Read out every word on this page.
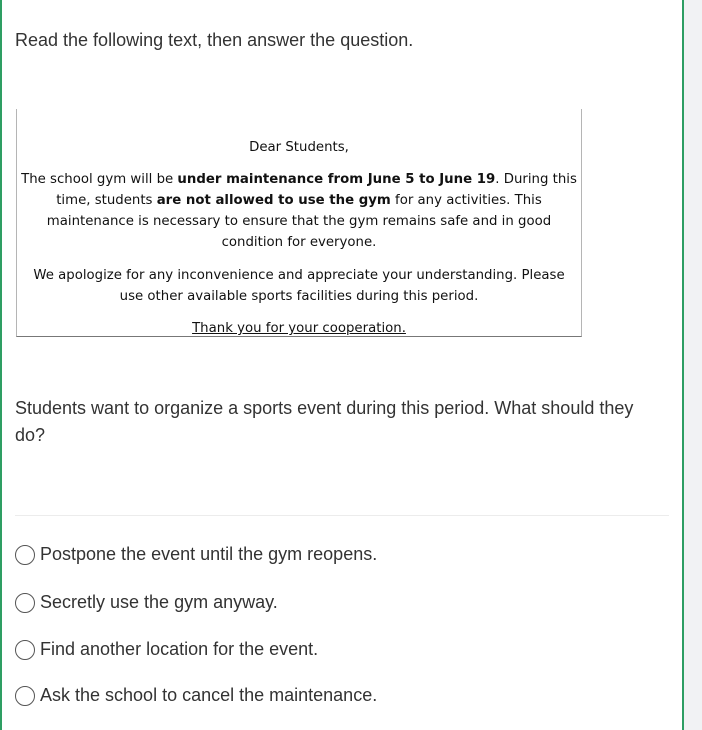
Read the following text, then answer the question.

Dear Students,

The school gym will be under maintenance from June 5 to June 19. During this time, students are not allowed to use the gym for any activities. This maintenance is necessary to ensure that the gym remains safe and in good condition for everyone.

We apologize for any inconvenience and appreciate your understanding. Please use other available sports facilities during this period.

Thank you for your cooperation.

Students want to organize a sports event during this period. What should they do?
Postpone the event until the gym reopens.
Secretly use the gym anyway.
Find another location for the event.
Ask the school to cancel the maintenance.
